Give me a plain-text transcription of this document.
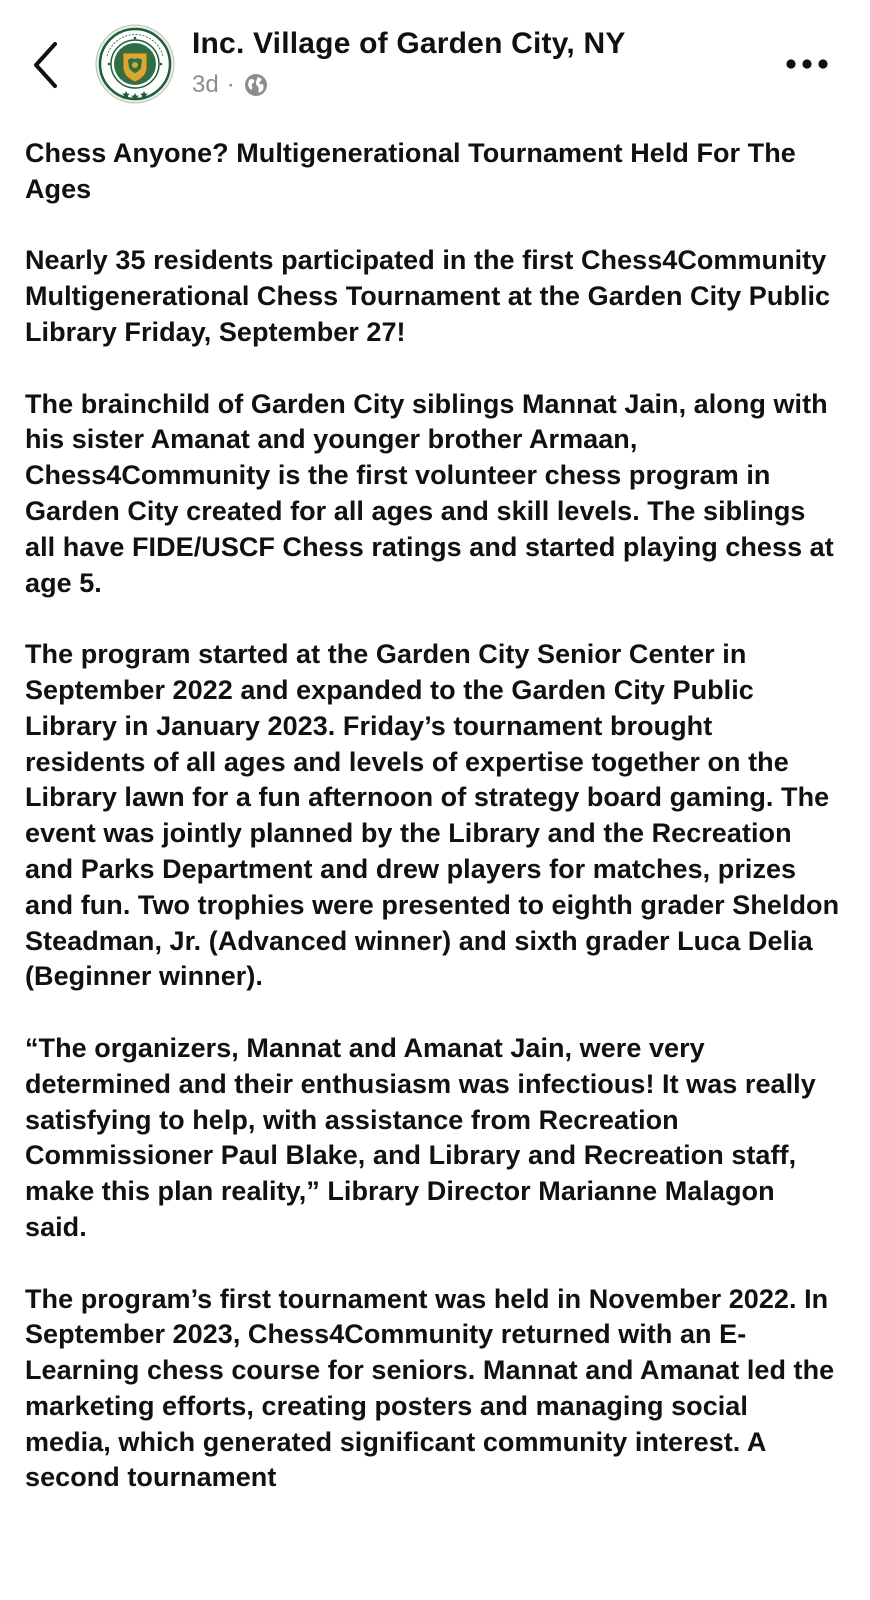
Inc. Village of Garden City, NY
3d ·

Chess Anyone? Multigenerational Tournament Held For The Ages

Nearly 35 residents participated in the first Chess4Community Multigenerational Chess Tournament at the Garden City Public Library Friday, September 27!

The brainchild of Garden City siblings Mannat Jain, along with his sister Amanat and younger brother Armaan, Chess4Community is the first volunteer chess program in Garden City created for all ages and skill levels. The siblings all have FIDE/USCF Chess ratings and started playing chess at age 5.

The program started at the Garden City Senior Center in September 2022 and expanded to the Garden City Public Library in January 2023. Friday’s tournament brought residents of all ages and levels of expertise together on the Library lawn for a fun afternoon of strategy board gaming. The event was jointly planned by the Library and the Recreation and Parks Department and drew players for matches, prizes and fun. Two trophies were presented to eighth grader Sheldon Steadman, Jr. (Advanced winner) and sixth grader Luca Delia (Beginner winner).

“The organizers, Mannat and Amanat Jain, were very determined and their enthusiasm was infectious! It was really satisfying to help, with assistance from Recreation Commissioner Paul Blake, and Library and Recreation staff, make this plan reality,” Library Director Marianne Malagon said.

The program’s first tournament was held in November 2022. In September 2023, Chess4Community returned with an E-Learning chess course for seniors. Mannat and Amanat led the marketing efforts, creating posters and managing social media, which generated significant community interest. A second tournament
